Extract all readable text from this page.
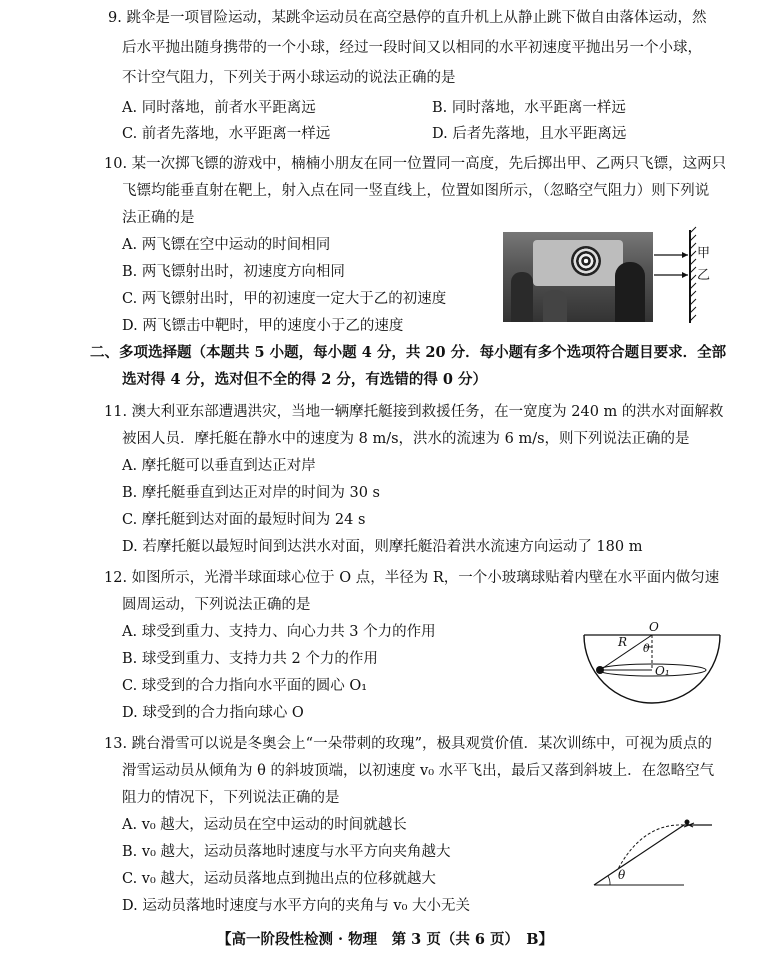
9. 跳伞是一项冒险运动，某跳伞运动员在高空悬停的直升机上从静止跳下做自由落体运动，然
后水平抛出随身携带的一个小球，经过一段时间又以相同的水平初速度平抛出另一个小球，
不计空气阻力，下列关于两小球运动的说法正确的是
A. 同时落地，前者水平距离远	B. 同时落地，水平距离一样远
C. 前者先落地，水平距离一样远	D. 后者先落地，且水平距离远
10. 某一次掷飞镖的游戏中，楠楠小朋友在同一位置同一高度，先后掷出甲、乙两只飞镖，这两只
飞镖均能垂直射在靶上，射入点在同一竖直线上，位置如图所示，（忽略空气阻力）则下列说
法正确的是
A. 两飞镖在空中运动的时间相同
B. 两飞镖射出时，初速度方向相同
C. 两飞镖射出时，甲的初速度一定大于乙的初速度
D. 两飞镖击中靶时，甲的速度小于乙的速度
甲
乙
二、多项选择题（本题共 5 小题，每小题 4 分，共 20 分．每小题有多个选项符合题目要求．全部
选对得 4 分，选对但不全的得 2 分，有选错的得 0 分）
11. 澳大利亚东部遭遇洪灾，当地一辆摩托艇接到救援任务，在一宽度为 240 m 的洪水对面解救
被困人员．摩托艇在静水中的速度为 8 m/s，洪水的流速为 6 m/s，则下列说法正确的是
A. 摩托艇可以垂直到达正对岸
B. 摩托艇垂直到达正对岸的时间为 30 s
C. 摩托艇到达对面的最短时间为 24 s
D. 若摩托艇以最短时间到达洪水对面，则摩托艇沿着洪水流速方向运动了 180 m
12. 如图所示，光滑半球面球心位于 O 点，半径为 R，一个小玻璃球贴着内壁在水平面内做匀速
圆周运动，下列说法正确的是
A. 球受到重力、支持力、向心力共 3 个力的作用
B. 球受到重力、支持力共 2 个力的作用
C. 球受到的合力指向水平面的圆心 O₁
D. 球受到的合力指向球心 O
O
R θ
O₁
13. 跳台滑雪可以说是冬奥会上“一朵带刺的玫瑰”，极具观赏价值．某次训练中，可视为质点的
滑雪运动员从倾角为 θ 的斜坡顶端，以初速度 v₀ 水平飞出，最后又落到斜坡上．在忽略空气
阻力的情况下，下列说法正确的是
A. v₀ 越大，运动员在空中运动的时间就越长
B. v₀ 越大，运动员落地时速度与水平方向夹角越大
C. v₀ 越大，运动员落地点到抛出点的位移就越大
D. 运动员落地时速度与水平方向的夹角与 v₀ 大小无关
θ
【高一阶段性检测 · 物理　第 3 页（共 6 页）　B】
